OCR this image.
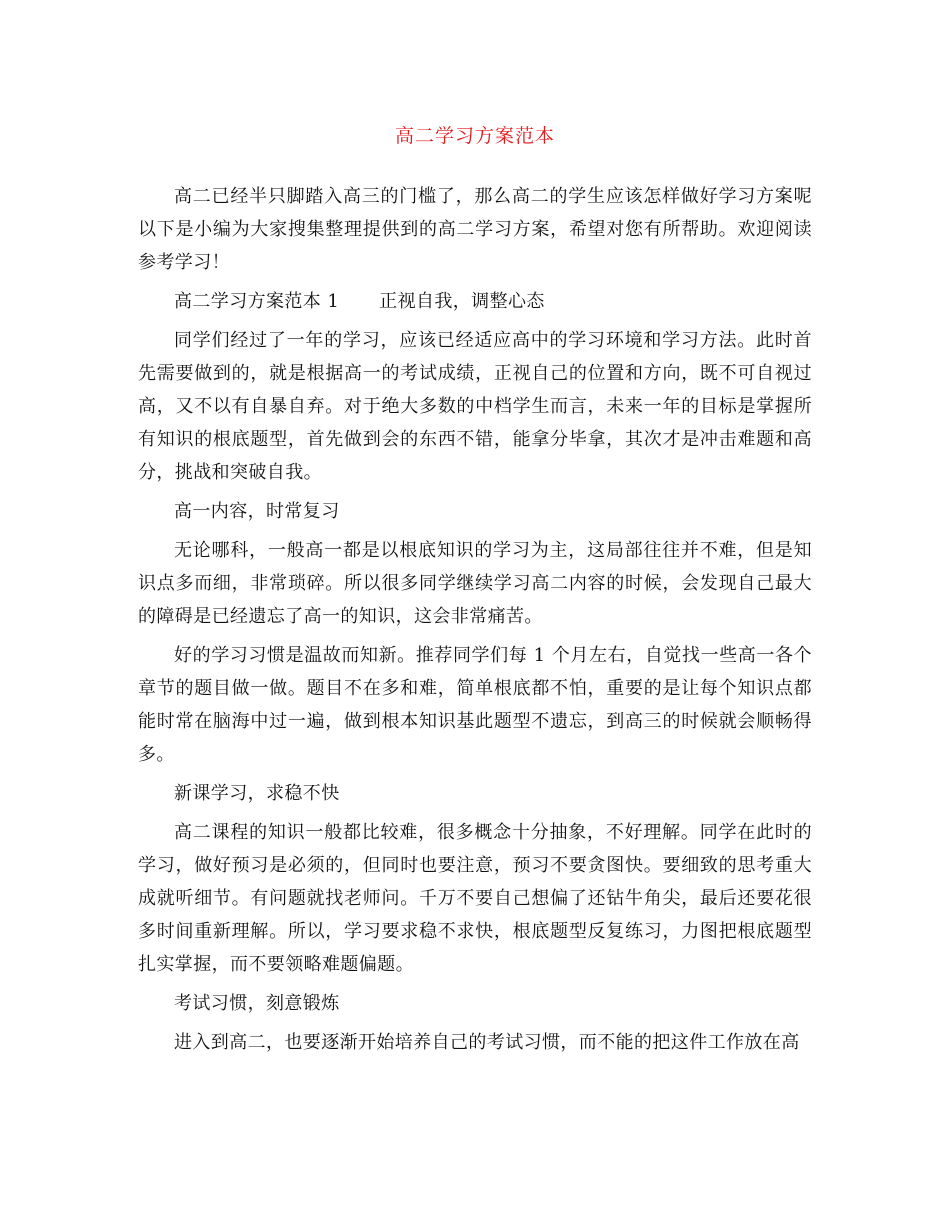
高二学习方案范本

高二已经半只脚踏入高三的门槛了，那么高二的学生应该怎样做好学习方案呢以下是小编为大家搜集整理提供到的高二学习方案，希望对您有所帮助。欢迎阅读参考学习！

高二学习方案范本 1 正视自我，调整心态

同学们经过了一年的学习，应该已经适应高中的学习环境和学习方法。此时首先需要做到的，就是根据高一的考试成绩，正视自己的位置和方向，既不可自视过高，又不以有自暴自弃。对于绝大多数的中档学生而言，未来一年的目标是掌握所有知识的根底题型，首先做到会的东西不错，能拿分毕拿，其次才是冲击难题和高分，挑战和突破自我。

高一内容，时常复习

无论哪科，一般高一都是以根底知识的学习为主，这局部往往并不难，但是知识点多而细，非常琐碎。所以很多同学继续学习高二内容的时候，会发现自己最大的障碍是已经遗忘了高一的知识，这会非常痛苦。

好的学习习惯是温故而知新。推荐同学们每 1 个月左右，自觉找一些高一各个章节的题目做一做。题目不在多和难，简单根底都不怕，重要的是让每个知识点都能时常在脑海中过一遍，做到根本知识基此题型不遗忘，到高三的时候就会顺畅得多。

新课学习，求稳不快

高二课程的知识一般都比较难，很多概念十分抽象，不好理解。同学在此时的学习，做好预习是必须的，但同时也要注意，预习不要贪图快。要细致的思考重大成就听细节。有问题就找老师问。千万不要自己想偏了还钻牛角尖，最后还要花很多时间重新理解。所以，学习要求稳不求快，根底题型反复练习，力图把根底题型扎实掌握，而不要领略难题偏题。

考试习惯，刻意锻炼

进入到高二，也要逐渐开始培养自己的考试习惯，而不能的把这件工作放在高
